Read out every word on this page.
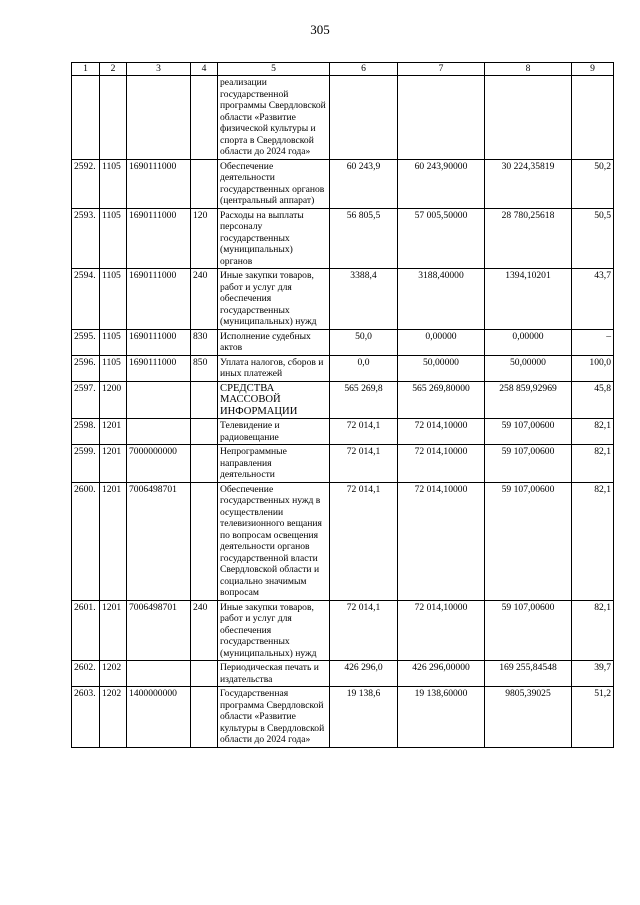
305
1	2	3	4	5	6	7	8	9
				реализации государственной программы Свердловской области «Развитие физической культуры и спорта в Свердловской области до 2024 года»				
2592.	1105	1690111000		Обеспечение деятельности государственных органов (центральный аппарат)	60 243,9	60 243,90000	30 224,35819	50,2
2593.	1105	1690111000	120	Расходы на выплаты персоналу государственных (муниципальных) органов	56 805,5	57 005,50000	28 780,25618	50,5
2594.	1105	1690111000	240	Иные закупки товаров, работ и услуг для обеспечения государственных (муниципальных) нужд	3388,4	3188,40000	1394,10201	43,7
2595.	1105	1690111000	830	Исполнение судебных актов	50,0	0,00000	0,00000	–
2596.	1105	1690111000	850	Уплата налогов, сборов и иных платежей	0,0	50,00000	50,00000	100,0
2597.	1200			СРЕДСТВА МАССОВОЙ ИНФОРМАЦИИ	565 269,8	565 269,80000	258 859,92969	45,8
2598.	1201			Телевидение и радиовещание	72 014,1	72 014,10000	59 107,00600	82,1
2599.	1201	7000000000		Непрограммные направления деятельности	72 014,1	72 014,10000	59 107,00600	82,1
2600.	1201	7006498701		Обеспечение государственных нужд в осуществлении телевизионного вещания по вопросам освещения деятельности органов государственной власти Свердловской области и социально значимым вопросам	72 014,1	72 014,10000	59 107,00600	82,1
2601.	1201	7006498701	240	Иные закупки товаров, работ и услуг для обеспечения государственных (муниципальных) нужд	72 014,1	72 014,10000	59 107,00600	82,1
2602.	1202			Периодическая печать и издательства	426 296,0	426 296,00000	169 255,84548	39,7
2603.	1202	1400000000		Государственная программа Свердловской области «Развитие культуры в Свердловской области до 2024 года»	19 138,6	19 138,60000	9805,39025	51,2
